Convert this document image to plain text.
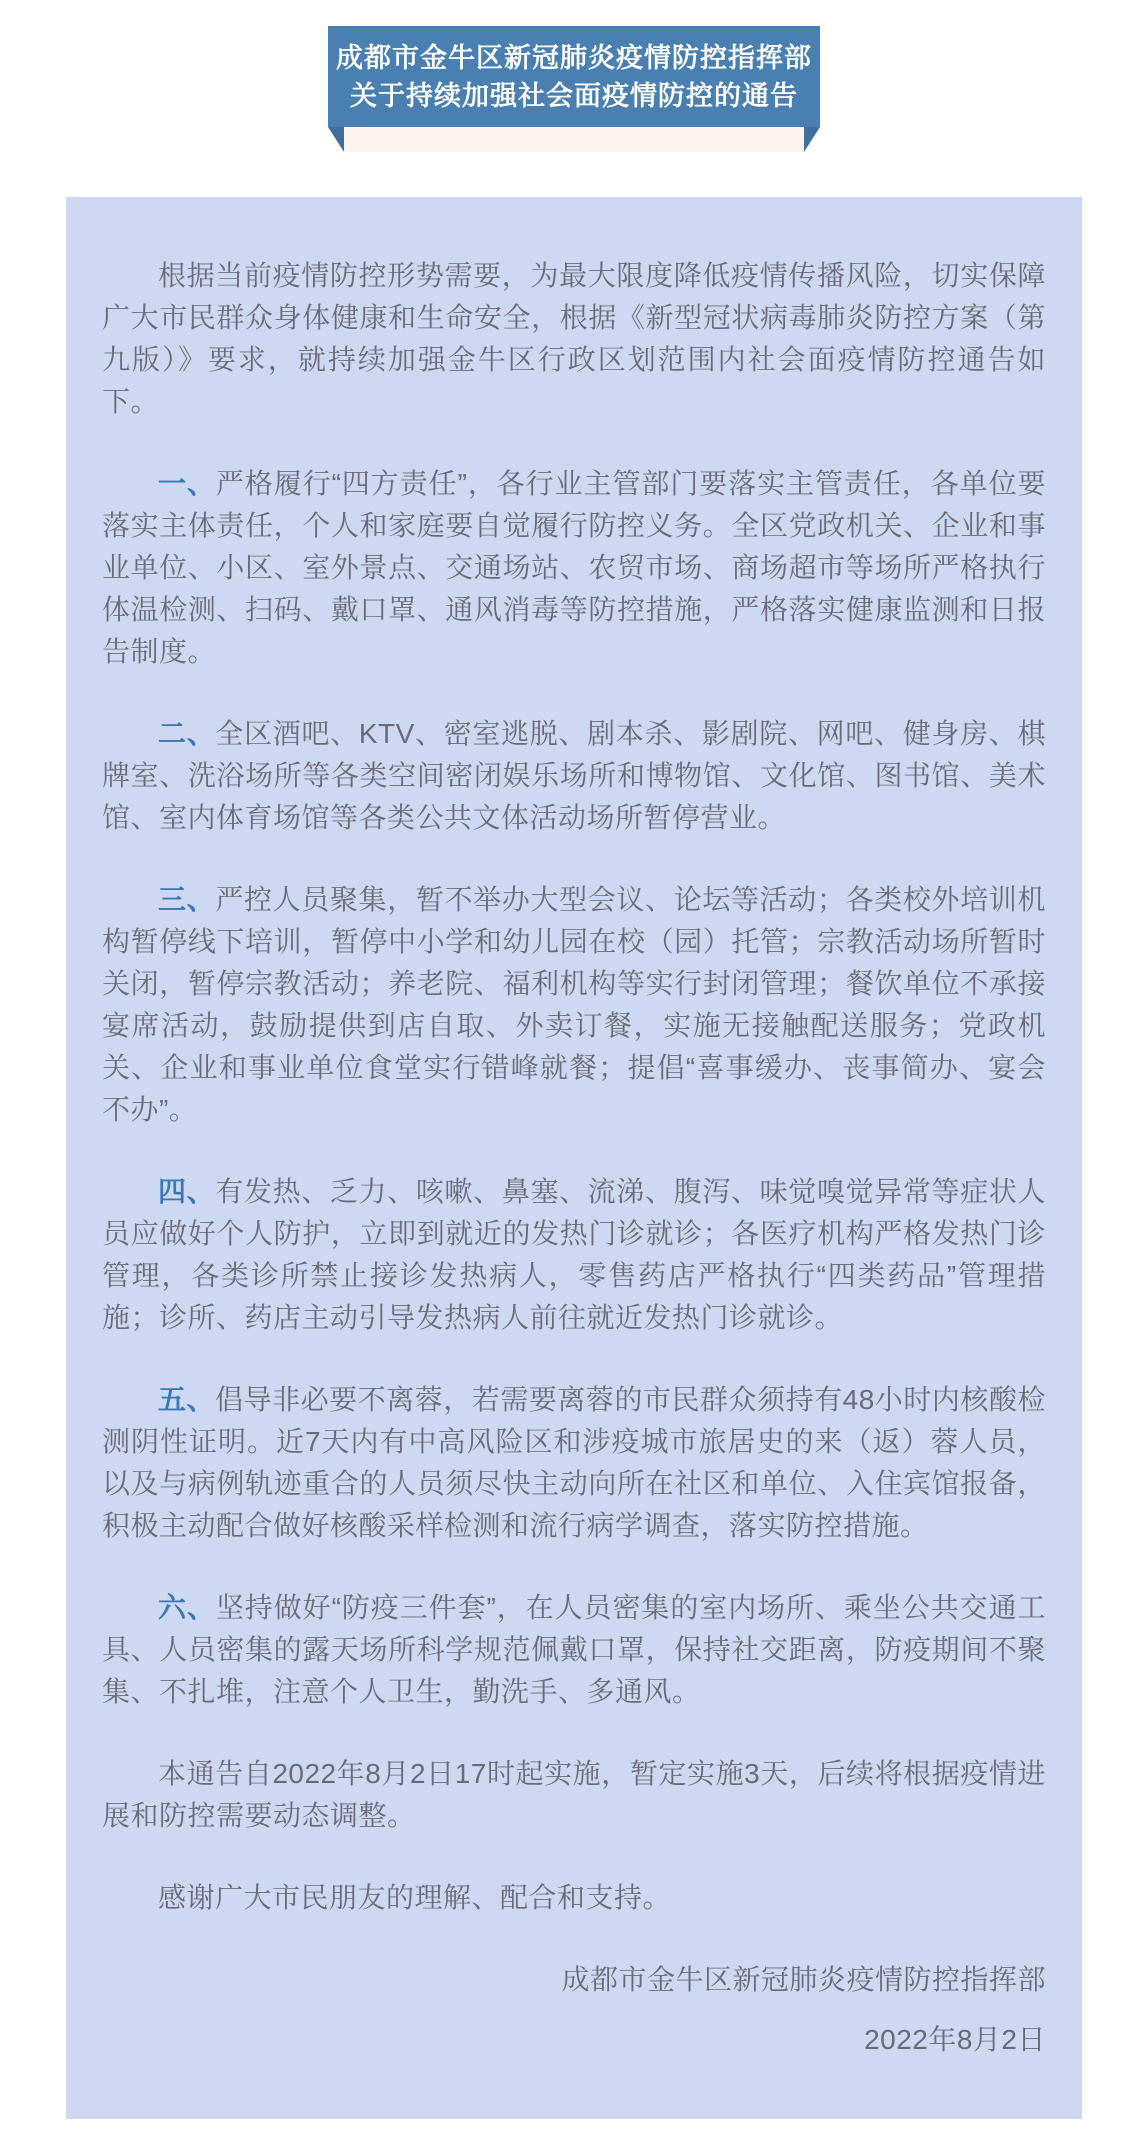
成都市金牛区新冠肺炎疫情防控指挥部
关于持续加强社会面疫情防控的通告

根据当前疫情防控形势需要，为最大限度降低疫情传播风险，切实保障广大市民群众身体健康和生命安全，根据《新型冠状病毒肺炎防控方案（第九版）》要求，就持续加强金牛区行政区划范围内社会面疫情防控通告如下。

一、严格履行“四方责任”，各行业主管部门要落实主管责任，各单位要落实主体责任，个人和家庭要自觉履行防控义务。全区党政机关、企业和事业单位、小区、室外景点、交通场站、农贸市场、商场超市等场所严格执行体温检测、扫码、戴口罩、通风消毒等防控措施，严格落实健康监测和日报告制度。

二、全区酒吧、KTV、密室逃脱、剧本杀、影剧院、网吧、健身房、棋牌室、洗浴场所等各类空间密闭娱乐场所和博物馆、文化馆、图书馆、美术馆、室内体育场馆等各类公共文体活动场所暂停营业。

三、严控人员聚集，暂不举办大型会议、论坛等活动；各类校外培训机构暂停线下培训，暂停中小学和幼儿园在校（园）托管；宗教活动场所暂时关闭，暂停宗教活动；养老院、福利机构等实行封闭管理；餐饮单位不承接宴席活动，鼓励提供到店自取、外卖订餐，实施无接触配送服务；党政机关、企业和事业单位食堂实行错峰就餐；提倡“喜事缓办、丧事简办、宴会不办”。

四、有发热、乏力、咳嗽、鼻塞、流涕、腹泻、味觉嗅觉异常等症状人员应做好个人防护，立即到就近的发热门诊就诊；各医疗机构严格发热门诊管理，各类诊所禁止接诊发热病人，零售药店严格执行“四类药品”管理措施；诊所、药店主动引导发热病人前往就近发热门诊就诊。

五、倡导非必要不离蓉，若需要离蓉的市民群众须持有48小时内核酸检测阴性证明。近7天内有中高风险区和涉疫城市旅居史的来（返）蓉人员，以及与病例轨迹重合的人员须尽快主动向所在社区和单位、入住宾馆报备，积极主动配合做好核酸采样检测和流行病学调查，落实防控措施。

六、坚持做好“防疫三件套”，在人员密集的室内场所、乘坐公共交通工具、人员密集的露天场所科学规范佩戴口罩，保持社交距离，防疫期间不聚集、不扎堆，注意个人卫生，勤洗手、多通风。

本通告自2022年8月2日17时起实施，暂定实施3天，后续将根据疫情进展和防控需要动态调整。

感谢广大市民朋友的理解、配合和支持。

成都市金牛区新冠肺炎疫情防控指挥部

2022年8月2日
